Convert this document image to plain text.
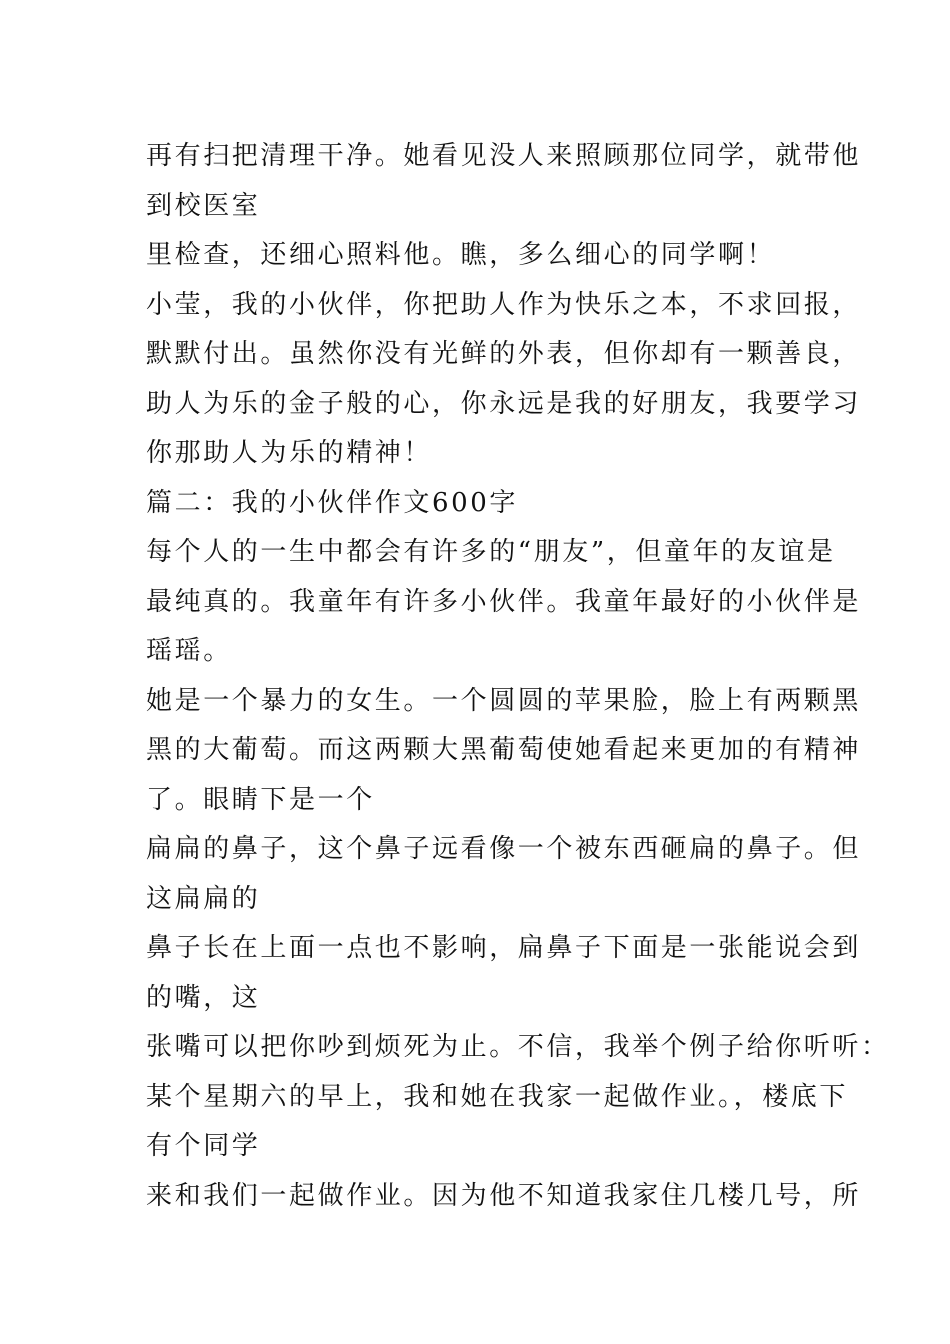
再有扫把清理干净。她看见没人来照顾那位同学，就带他
到校医室
里检查，还细心照料他。瞧，多么细心的同学啊！
小莹，我的小伙伴，你把助人作为快乐之本，不求回报，
默默付出。虽然你没有光鲜的外表，但你却有一颗善良，
助人为乐的金子般的心，你永远是我的好朋友，我要学习
你那助人为乐的精神！
篇二：我的小伙伴作文600字
每个人的一生中都会有许多的“朋友”，但童年的友谊是
最纯真的。我童年有许多小伙伴。我童年最好的小伙伴是
瑶瑶。
她是一个暴力的女生。一个圆圆的苹果脸，脸上有两颗黑
黑的大葡萄。而这两颗大黑葡萄使她看起来更加的有精神
了。眼睛下是一个
扁扁的鼻子，这个鼻子远看像一个被东西砸扁的鼻子。但
这扁扁的
鼻子长在上面一点也不影响，扁鼻子下面是一张能说会到
的嘴，这
张嘴可以把你吵到烦死为止。不信，我举个例子给你听听：
某个星期六的早上，我和她在我家一起做作业。，楼底下
有个同学
来和我们一起做作业。因为他不知道我家住几楼几号，所
